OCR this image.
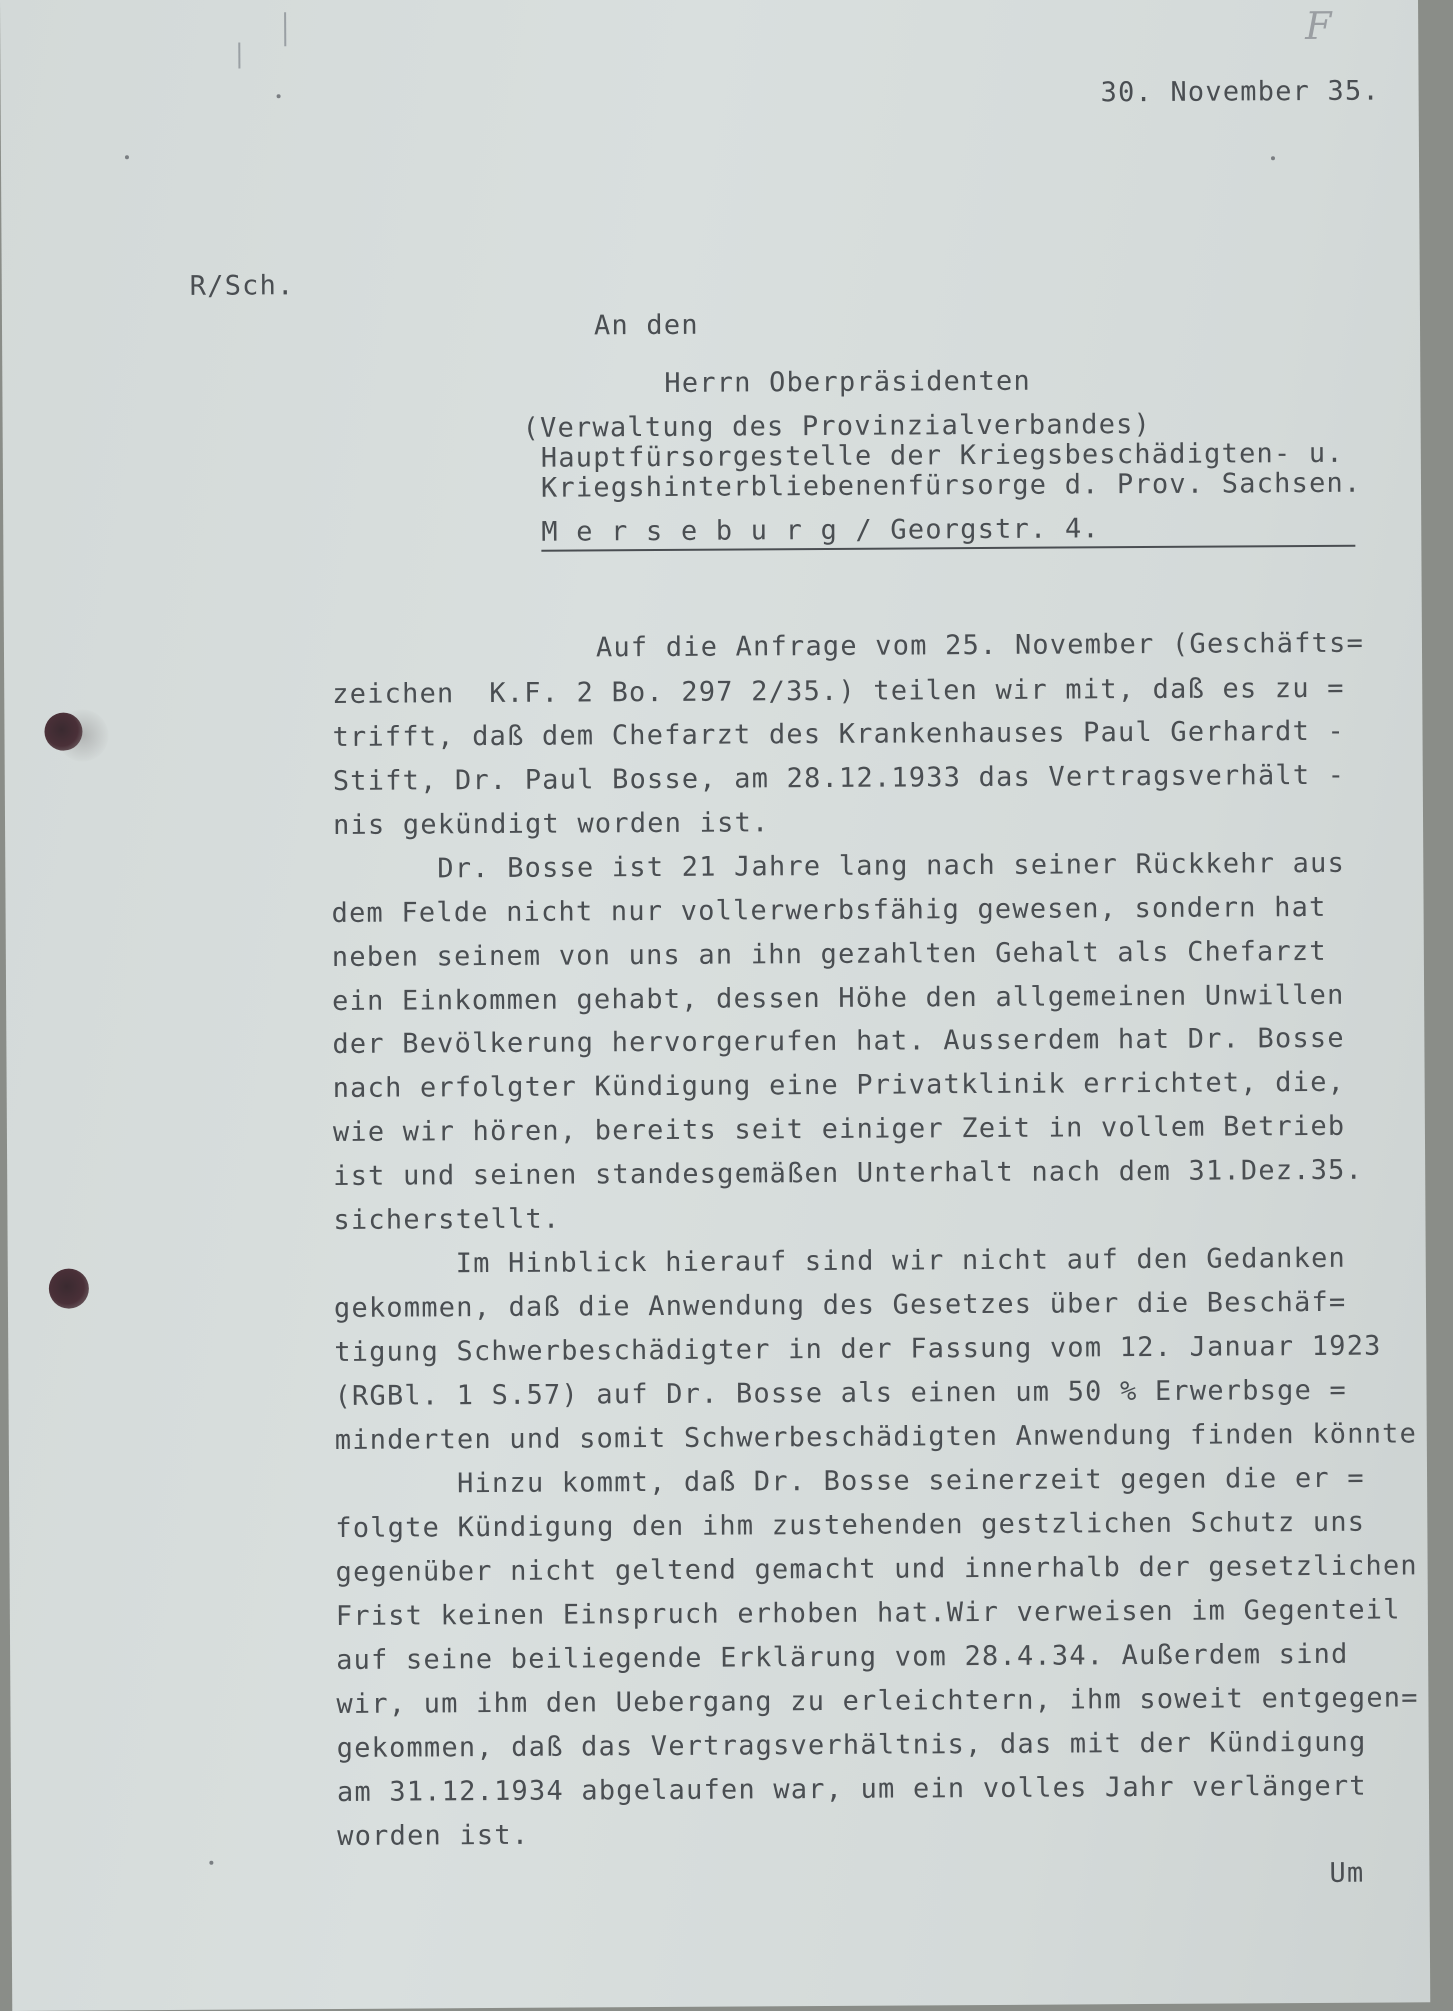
F
30. November 35.
R/Sch.
An den
Herrn Oberpräsidenten
(Verwaltung des Provinzialverbandes)
Hauptfürsorgestelle der Kriegsbeschädigten- u.
Kriegshinterbliebenenfürsorge d. Prov. Sachsen.
M e r s e b u r g / Georgstr. 4.
Auf die Anfrage vom 25. November (Geschäfts=
zeichen  K.F. 2 Bo. 297 2/35.) teilen wir mit, daß es zu =
trifft, daß dem Chefarzt des Krankenhauses Paul Gerhardt -
Stift, Dr. Paul Bosse, am 28.12.1933 das Vertragsverhält -
nis gekündigt worden ist.
Dr. Bosse ist 21 Jahre lang nach seiner Rückkehr aus
dem Felde nicht nur vollerwerbsfähig gewesen, sondern hat
neben seinem von uns an ihn gezahlten Gehalt als Chefarzt
ein Einkommen gehabt, dessen Höhe den allgemeinen Unwillen
der Bevölkerung hervorgerufen hat. Ausserdem hat Dr. Bosse
nach erfolgter Kündigung eine Privatklinik errichtet, die,
wie wir hören, bereits seit einiger Zeit in vollem Betrieb
ist und seinen standesgemäßen Unterhalt nach dem 31.Dez.35.
sicherstellt.
Im Hinblick hierauf sind wir nicht auf den Gedanken
gekommen, daß die Anwendung des Gesetzes über die Beschäf=
tigung Schwerbeschädigter in der Fassung vom 12. Januar 1923
(RGBl. 1 S.57) auf Dr. Bosse als einen um 50 % Erwerbsge =
minderten und somit Schwerbeschädigten Anwendung finden könnte
Hinzu kommt, daß Dr. Bosse seinerzeit gegen die er =
folgte Kündigung den ihm zustehenden gestzlichen Schutz uns
gegenüber nicht geltend gemacht und innerhalb der gesetzlichen
Frist keinen Einspruch erhoben hat.Wir verweisen im Gegenteil
auf seine beiliegende Erklärung vom 28.4.34. Außerdem sind
wir, um ihm den Uebergang zu erleichtern, ihm soweit entgegen=
gekommen, daß das Vertragsverhältnis, das mit der Kündigung
am 31.12.1934 abgelaufen war, um ein volles Jahr verlängert
worden ist.
Um
